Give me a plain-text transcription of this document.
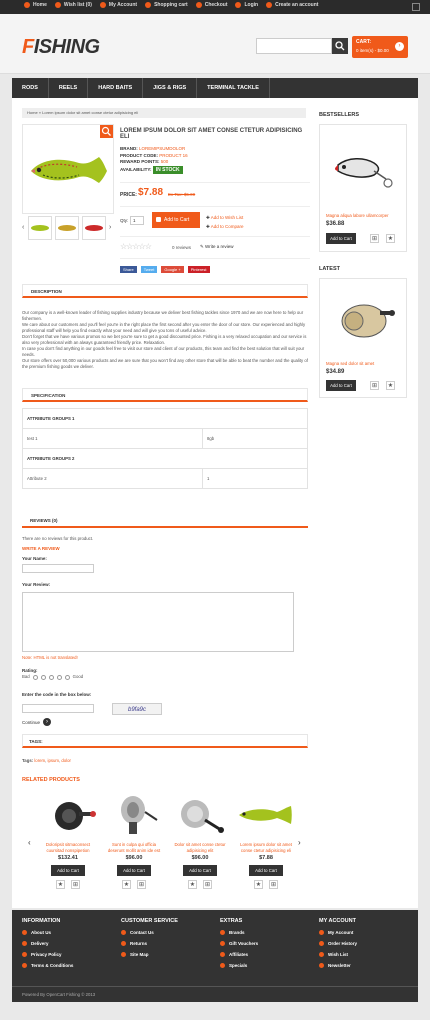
Home	Wish list (0)	My Account	Shopping cart	Checkout	Login	Create an account
FISHING	CART:
0 item(s) - $0.00
›
RODS	REELS	HARD BAITS	JIGS & RIGS	TERMINAL TACKLE
Home » Lorem ipsum dolor sit amet conse ctetur adipisicing eli
‹	›
LOREM IPSUM DOLOR SIT AMET CONSE CTETUR ADIPISICING ELI
BRAND: LOREMIPSUMDOLOR
PRODUCT CODE: PRODUCT 16
REWARD POINTS: 500
AVAILABILITY: IN STOCK
PRICE: $7.88 Ex Tax: $5.00
Qty:	1	Add to Cart	✚ Add to Wish List
✚ Add to Compare
☆☆☆☆☆	0 reviews ✎ Write a review
Share	Tweet	Google +	Pinterest
DESCRIPTION

Our company is a well-known leader of fishing supplies industry because we deliver best fishing tackles since 1970 and we are now here to help our fishermen.

We care about our customers and you'll feel you're in the right place the first second after you enter the door of our store. Our experienced and highly professional staff will help you find exactly what your need and will give you tons of useful advice.

Don't forget that we have various promos so we bet you're sure to get a good discounted price. Fishing is a very relaxed occupation and our service is also very professional with an always guaranteed friendly price. Relaxation.

In case you don't find anything in our goods feel free to visit our store and client of our products, this team and find the best solution that will suit your needs.

Our store offers over 50,000 various products and we are sure that you won't find any other store that will be able to beat the number and the quality of the premium fishing goods we deliver.

SPECIFICATION
ATTRIBUTE GROUPS 1	
test 1	8gb
ATTRIBUTE GROUPS 2	
Attribute 2	1
REVIEWS (0)
There are no reviews for this product.
WRITE A REVIEW
Your Name:
Your Review:
Note: HTML is not translated!
Rating:
Bad	Good
Enter the code in the box below:
b9fa9c
Continue	›
TAGS:
Tags: lorem, ipsum, dolor
RELATED PRODUCTS
‹	›
Doloripsit sitmaconsect cuursitad nonspipetion
$132.41
Add to Cart
★	⊞
Sunt in culpa qui officia deserunt mollit anim ide est
$96.00
Add to Cart
★	⊞
Dolor sit amet conse ctetur adipisicing elit
$96.00
Add to Cart
★	⊞
Lorem ipsum dolor sit amet conse ctetur adipisicing eli
$7.88
Add to Cart
★	⊞
BESTSELLERS
Magna aliqua labore ullamcorper
$36.88
Add to Cart	⊞	★
LATEST
Magna sed dolor sit amet
$34.89
Add to Cart	⊞	★
INFORMATION
About Us
Delivery
Privacy Policy
Terms & Conditions
CUSTOMER SERVICE
Contact Us
Returns
Site Map
EXTRAS
Brands
Gift Vouchers
Affiliates
Specials
MY ACCOUNT
My Account
Order History
Wish List
Newsletter
Powered By OpenCart Fishing © 2013
